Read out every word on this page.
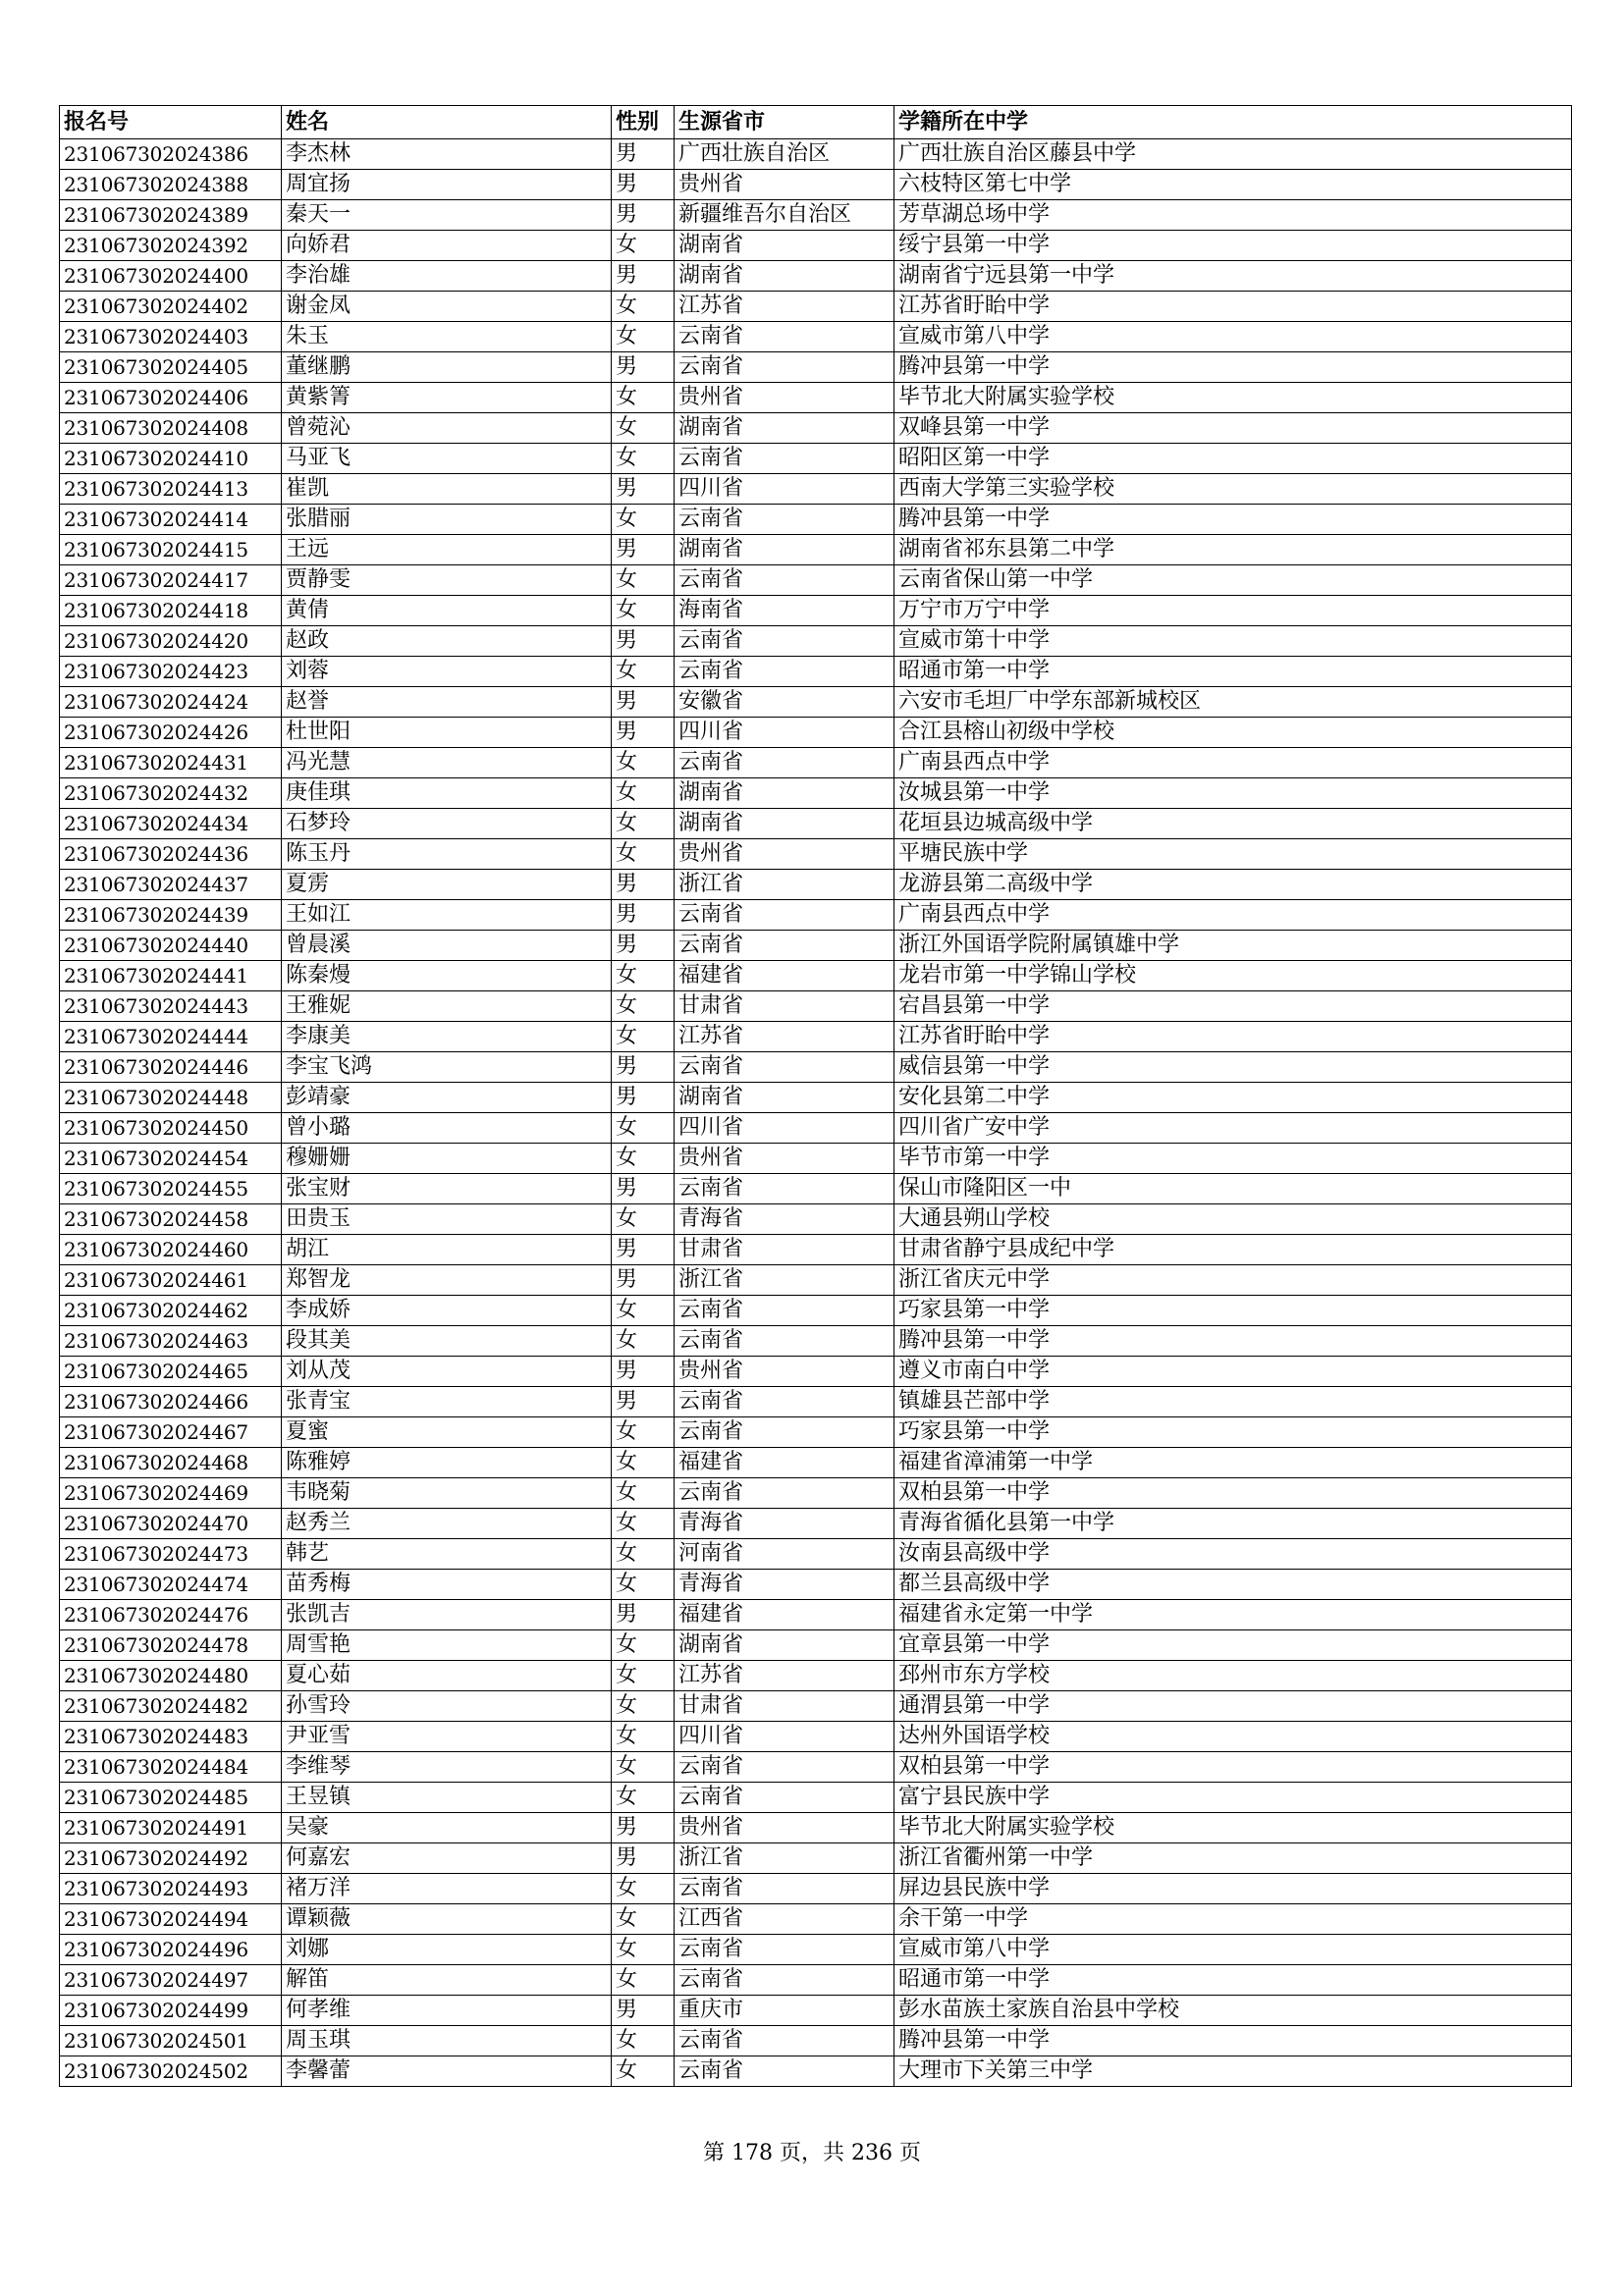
报名号	姓名	性别	生源省市	学籍所在中学
231067302024386	李杰林	男	广西壮族自治区	广西壮族自治区藤县中学
231067302024388	周宜扬	男	贵州省	六枝特区第七中学
231067302024389	秦天一	男	新疆维吾尔自治区	芳草湖总场中学
231067302024392	向娇君	女	湖南省	绥宁县第一中学
231067302024400	李治雄	男	湖南省	湖南省宁远县第一中学
231067302024402	谢金凤	女	江苏省	江苏省盱眙中学
231067302024403	朱玉	女	云南省	宣威市第八中学
231067302024405	董继鹏	男	云南省	腾冲县第一中学
231067302024406	黄紫箐	女	贵州省	毕节北大附属实验学校
231067302024408	曾菀沁	女	湖南省	双峰县第一中学
231067302024410	马亚飞	女	云南省	昭阳区第一中学
231067302024413	崔凯	男	四川省	西南大学第三实验学校
231067302024414	张腊丽	女	云南省	腾冲县第一中学
231067302024415	王远	男	湖南省	湖南省祁东县第二中学
231067302024417	贾静雯	女	云南省	云南省保山第一中学
231067302024418	黄倩	女	海南省	万宁市万宁中学
231067302024420	赵政	男	云南省	宣威市第十中学
231067302024423	刘蓉	女	云南省	昭通市第一中学
231067302024424	赵誉	男	安徽省	六安市毛坦厂中学东部新城校区
231067302024426	杜世阳	男	四川省	合江县榕山初级中学校
231067302024431	冯光慧	女	云南省	广南县西点中学
231067302024432	庚佳琪	女	湖南省	汝城县第一中学
231067302024434	石梦玲	女	湖南省	花垣县边城高级中学
231067302024436	陈玉丹	女	贵州省	平塘民族中学
231067302024437	夏雳	男	浙江省	龙游县第二高级中学
231067302024439	王如江	男	云南省	广南县西点中学
231067302024440	曾晨溪	男	云南省	浙江外国语学院附属镇雄中学
231067302024441	陈秦熳	女	福建省	龙岩市第一中学锦山学校
231067302024443	王雅妮	女	甘肃省	宕昌县第一中学
231067302024444	李康美	女	江苏省	江苏省盱眙中学
231067302024446	李宝飞鸿	男	云南省	威信县第一中学
231067302024448	彭靖豪	男	湖南省	安化县第二中学
231067302024450	曾小璐	女	四川省	四川省广安中学
231067302024454	穆姗姗	女	贵州省	毕节市第一中学
231067302024455	张宝财	男	云南省	保山市隆阳区一中
231067302024458	田贵玉	女	青海省	大通县朔山学校
231067302024460	胡江	男	甘肃省	甘肃省静宁县成纪中学
231067302024461	郑智龙	男	浙江省	浙江省庆元中学
231067302024462	李成娇	女	云南省	巧家县第一中学
231067302024463	段其美	女	云南省	腾冲县第一中学
231067302024465	刘从茂	男	贵州省	遵义市南白中学
231067302024466	张青宝	男	云南省	镇雄县芒部中学
231067302024467	夏蜜	女	云南省	巧家县第一中学
231067302024468	陈雅婷	女	福建省	福建省漳浦第一中学
231067302024469	韦晓菊	女	云南省	双柏县第一中学
231067302024470	赵秀兰	女	青海省	青海省循化县第一中学
231067302024473	韩艺	女	河南省	汝南县高级中学
231067302024474	苗秀梅	女	青海省	都兰县高级中学
231067302024476	张凯吉	男	福建省	福建省永定第一中学
231067302024478	周雪艳	女	湖南省	宜章县第一中学
231067302024480	夏心茹	女	江苏省	邳州市东方学校
231067302024482	孙雪玲	女	甘肃省	通渭县第一中学
231067302024483	尹亚雪	女	四川省	达州外国语学校
231067302024484	李维琴	女	云南省	双柏县第一中学
231067302024485	王昱镇	女	云南省	富宁县民族中学
231067302024491	吴豪	男	贵州省	毕节北大附属实验学校
231067302024492	何嘉宏	男	浙江省	浙江省衢州第一中学
231067302024493	褚万洋	女	云南省	屏边县民族中学
231067302024494	谭颖薇	女	江西省	余干第一中学
231067302024496	刘娜	女	云南省	宣威市第八中学
231067302024497	解笛	女	云南省	昭通市第一中学
231067302024499	何孝维	男	重庆市	彭水苗族土家族自治县中学校
231067302024501	周玉琪	女	云南省	腾冲县第一中学
231067302024502	李馨蕾	女	云南省	大理市下关第三中学
第 178 页，共 236 页
